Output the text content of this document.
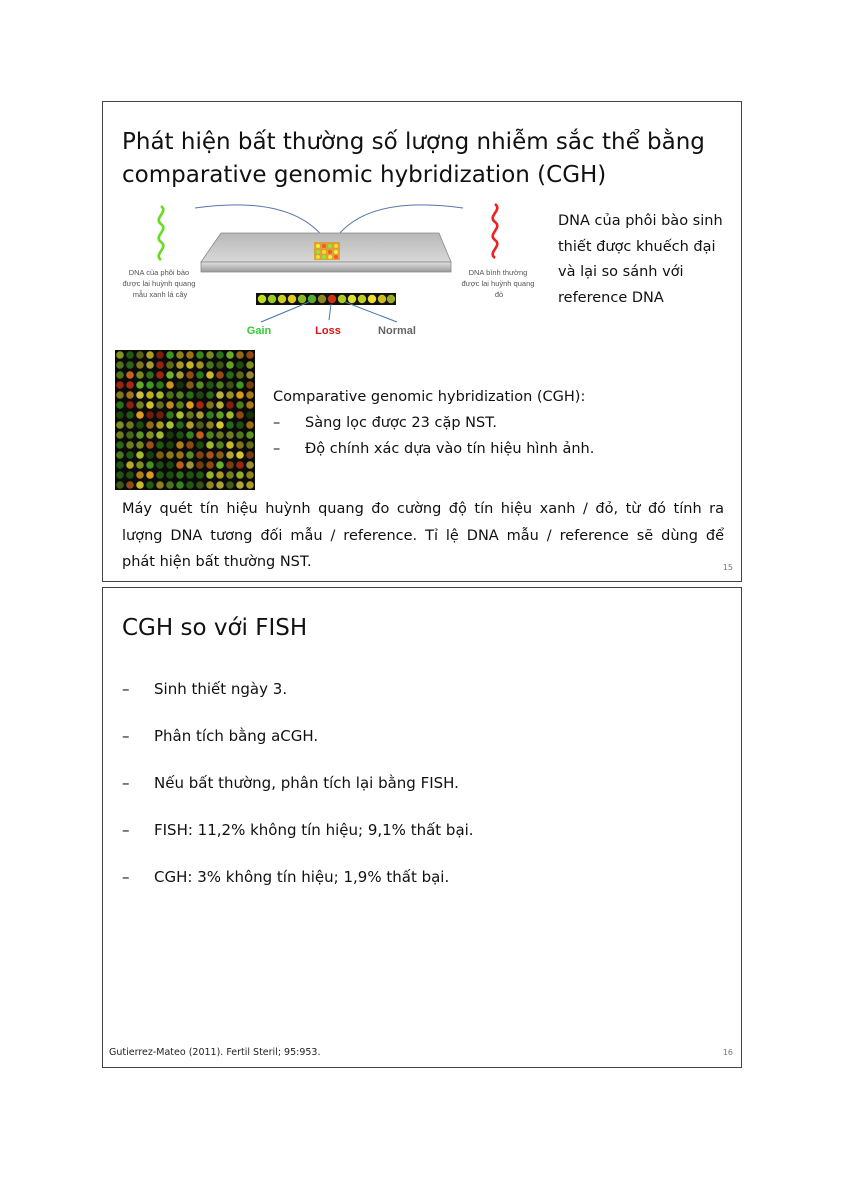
Phát hiện bất thường số lượng nhiễm sắc thể bằng
comparative genomic hybridization (CGH)
DNA của phôi bào được lai huỳnh quang mẫu xanh lá cây
DNA bình thường được lai huỳnh quang đỏ
Gain	Loss	Normal
DNA của phôi bào sinh
thiết được khuếch đại
và lại so sánh với
reference DNA
Comparative genomic hybridization (CGH):
– Sàng lọc được 23 cặp NST.
– Độ chính xác dựa vào tín hiệu hình ảnh.
Máy quét tín hiệu huỳnh quang đo cường độ tín hiệu xanh / đỏ, từ đó tính ra
lượng DNA tương đối mẫu / reference. Tỉ lệ DNA mẫu / reference sẽ dùng để
phát hiện bất thường NST.	15
CGH so với FISH
– Sinh thiết ngày 3.
– Phân tích bằng aCGH.
– Nếu bất thường, phân tích lại bằng FISH.
– FISH: 11,2% không tín hiệu; 9,1% thất bại.
– CGH: 3% không tín hiệu; 1,9% thất bại.
Gutierrez-Mateo (2011). Fertil Steril; 95:953.	16
